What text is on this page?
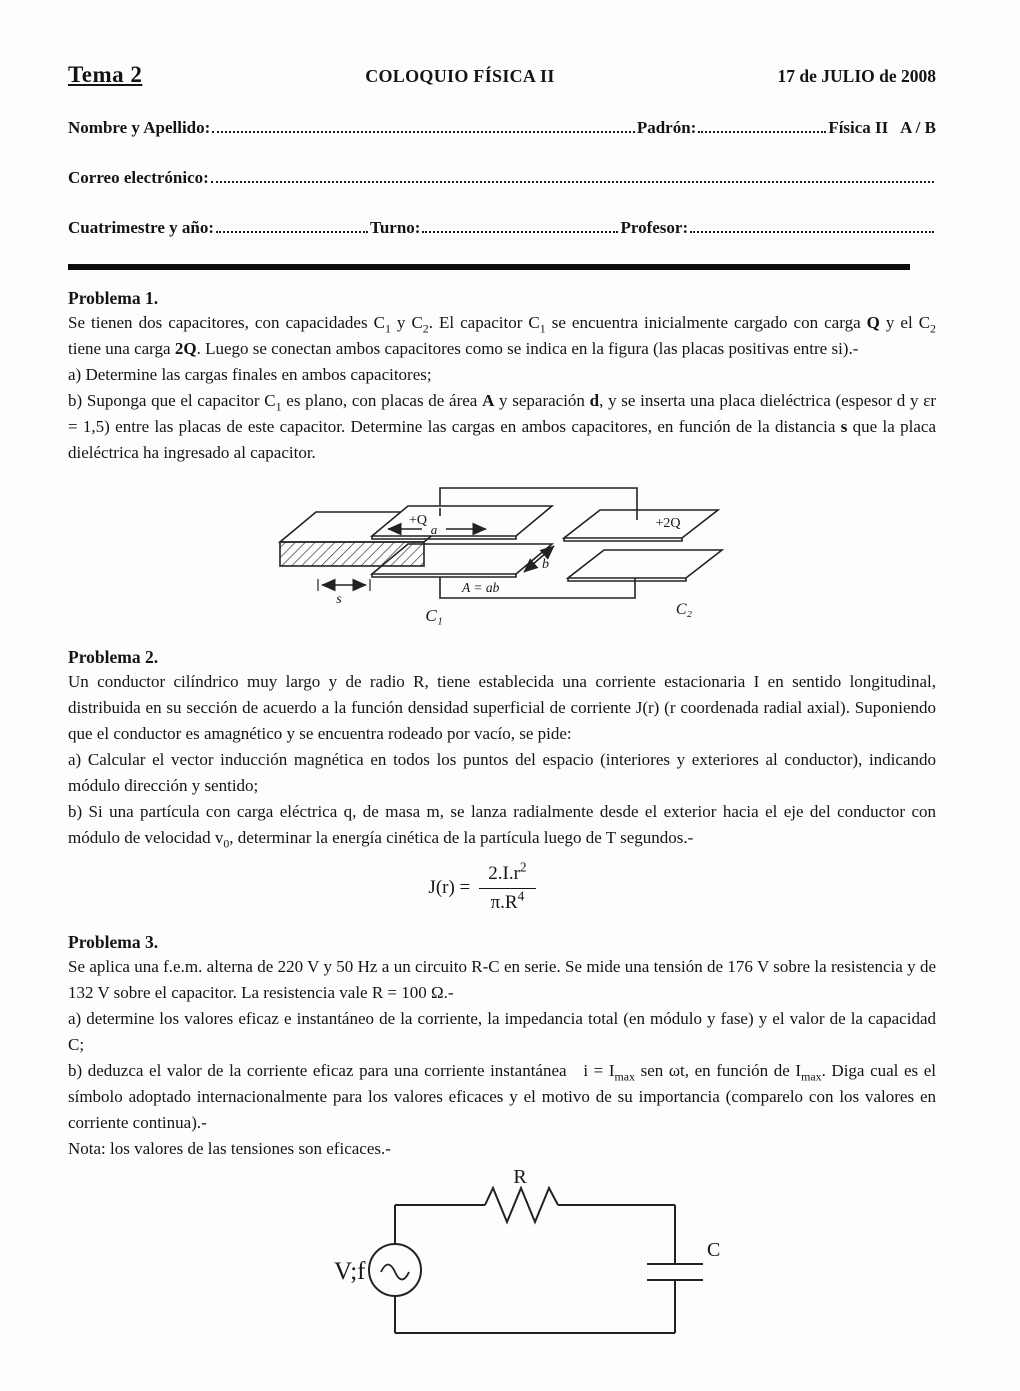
Tema 2	COLOQUIO FÍSICA II	17 de JULIO de 2008
Nombre y Apellido:	Padrón:	Física II   A / B
Correo electrónico:
Cuatrimestre y año:	Turno:	Profesor:
Problema 1.

Se tienen dos capacitores, con capacidades $C_1$ y $C_2$. El capacitor $C_1$ se encuentra inicialmente cargado con carga Q y el $C_2$ tiene una carga 2Q. Luego se conectan ambos capacitores como se indica en la figura (las placas positivas entre si).-

a) Determine las cargas finales en ambos capacitores;

b) Suponga que el capacitor $C_1$ es plano, con placas de área A y separación d, y se inserta una placa dieléctrica (espesor d y εr = 1,5) entre las placas de este capacitor. Determine las cargas en ambos capacitores, en función de la distancia s que la placa dieléctrica ha ingresado al capacitor.

+Q
a
b
A = ab
s
C₁
+2Q
C₂
Problema 2.

Un conductor cilíndrico muy largo y de radio R, tiene establecida una corriente estacionaria I en sentido longitudinal, distribuida en su sección de acuerdo a la función densidad superficial de corriente J(r) (r coordenada radial axial). Suponiendo que el conductor es amagnético y se encuentra rodeado por vacío, se pide:

a) Calcular el vector inducción magnética en todos los puntos del espacio (interiores y exteriores al conductor), indicando módulo dirección y sentido;

b) Si una partícula con carga eléctrica q, de masa m, se lanza radialmente desde el exterior hacia el eje del conductor con módulo de velocidad $v_0$, determinar la energía cinética de la partícula luego de T segundos.-

$J(r) = \frac{2.I.r^2}{\pi.R^4}$
Problema 3.

Se aplica una f.e.m. alterna de 220 V y 50 Hz a un circuito R-C en serie. Se mide una tensión de 176 V sobre la resistencia y de 132 V sobre el capacitor. La resistencia vale R = 100 Ω.-

a) determine los valores eficaz e instantáneo de la corriente, la impedancia total (en módulo y fase) y el valor de la capacidad C;

b) deduzca el valor de la corriente eficaz para una corriente instantánea   $i = I_{max}$ sen ωt, en función de $I_{max}$. Diga cual es el símbolo adoptado internacionalmente para los valores eficaces y el motivo de su importancia (comparelo con los valores en corriente continua).-

Nota: los valores de las tensiones son eficaces.-

R
C
V;f
